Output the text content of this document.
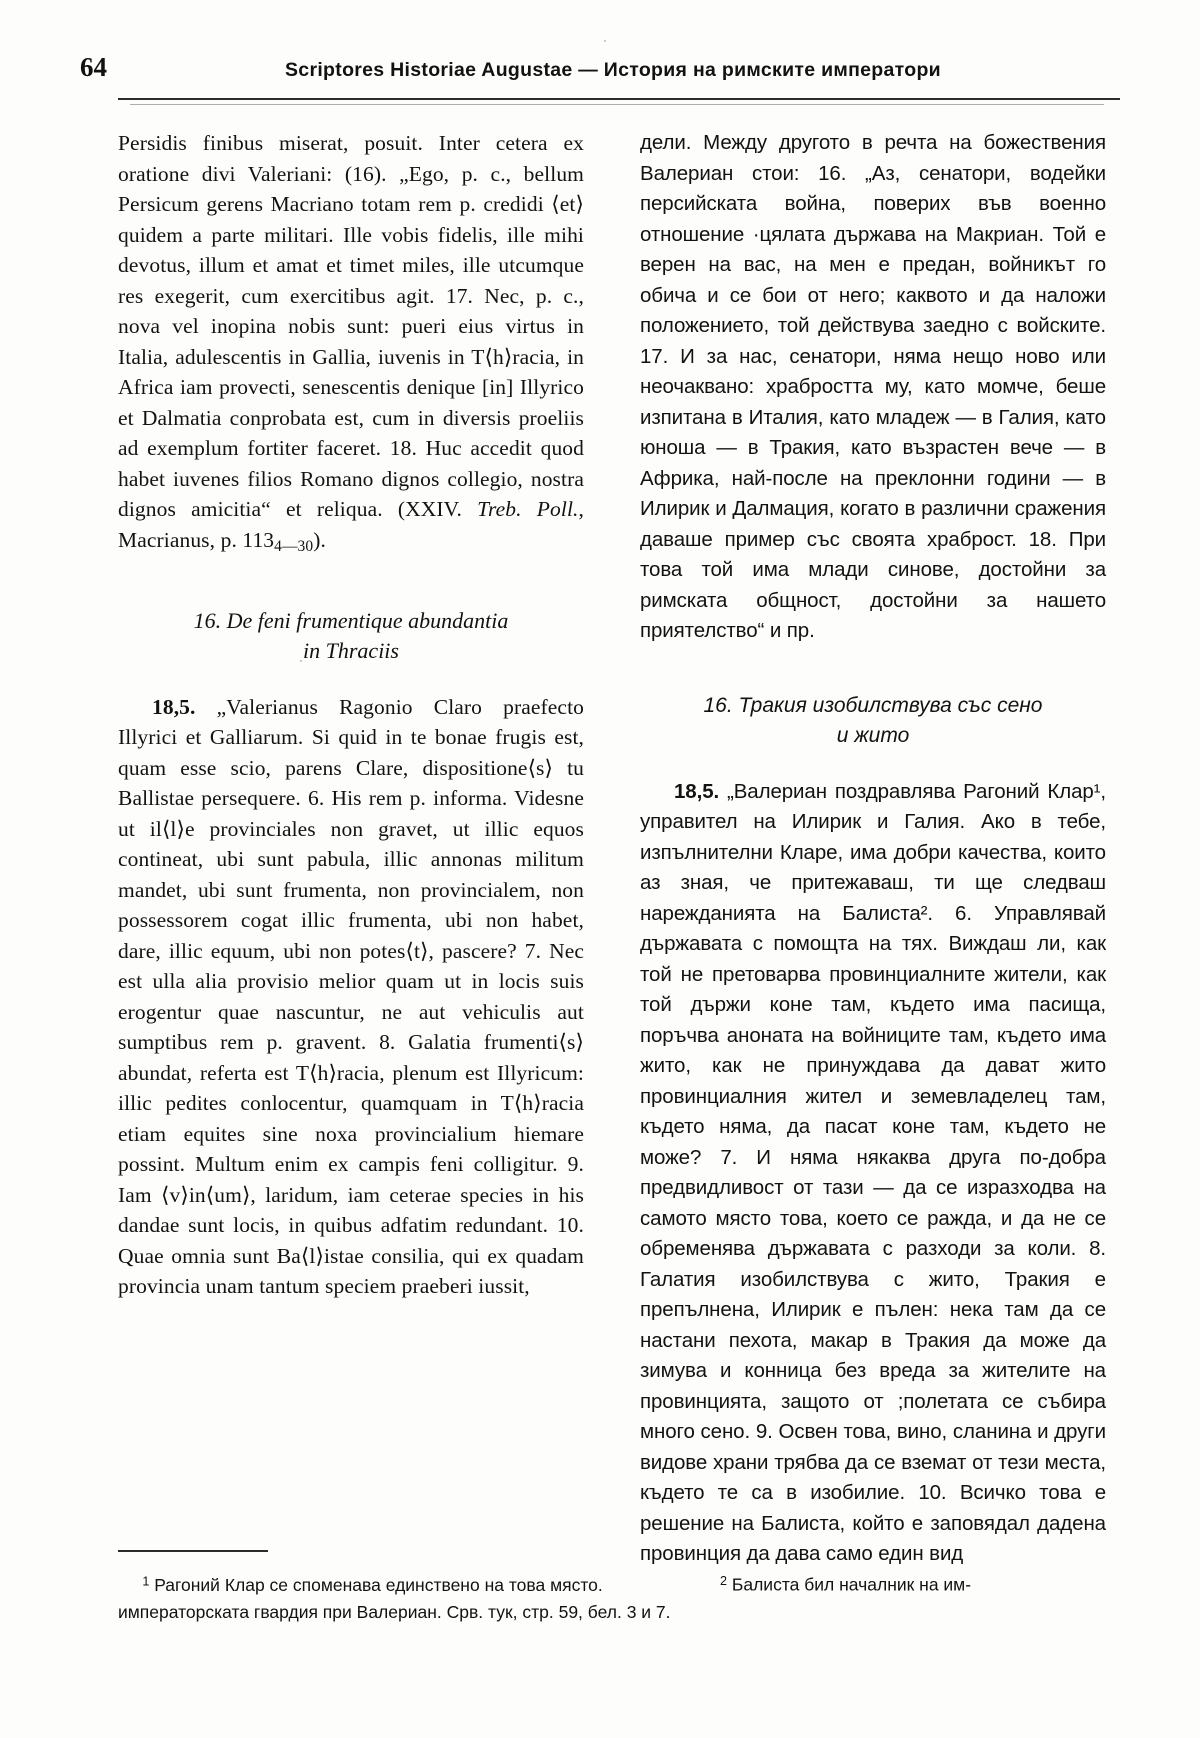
64	Scriptores Historiae Augustae — История на римските императори

Persidis finibus miserat, posuit. Inter cetera ex oratione divi Valeriani: (16). „Ego, p. c., bellum Persicum gerens Macriano totam rem p. credidi ⟨et⟩ quidem a parte militari. Ille vobis fidelis, ille mihi devotus, illum et amat et timet miles, ille utcumque res exegerit, cum exercitibus agit. 17. Nec, p. c., nova vel inopina nobis sunt: pueri eius virtus in Italia, adulescentis in Gallia, iuvenis in T⟨h⟩racia, in Africa iam provecti, senescentis denique [in] Illyrico et Dalmatia conprobata est, cum in diversis proeliis ad exemplum fortiter faceret. 18. Huc accedit quod habet iuvenes filios Romano dignos collegio, nostra dignos amicitia“ et reliqua. (XXIV. Treb. Poll., Macrianus, p. $113_{4—30}$).

16. De feni frumentique abundantia
in Thraciis

18,5. „Valerianus Ragonio Claro praefecto Illyrici et Galliarum. Si quid in te bonae frugis est, quam esse scio, parens Clare, dispositione⟨s⟩ tu Ballistae persequere. 6. His rem p. informa. Videsne ut il⟨l⟩e provinciales non gravet, ut illic equos contineat, ubi sunt pabula, illic annonas militum mandet, ubi sunt frumenta, non provincialem, non possessorem cogat illic frumenta, ubi non habet, dare, illic equum, ubi non potes⟨t⟩, pascere? 7. Nec est ulla alia provisio melior quam ut in locis suis erogentur quae nascuntur, ne aut vehiculis aut sumptibus rem p. gravent. 8. Galatia frumenti⟨s⟩ abundat, referta est T⟨h⟩racia, plenum est Illyricum: illic pedites conlocentur, quamquam in T⟨h⟩racia etiam equites sine noxa provincialium hiemare possint. Multum enim ex campis feni colligitur. 9. Iam ⟨v⟩in⟨um⟩, laridum, iam ceterae species in his dandae sunt locis, in quibus adfatim redundant. 10. Quae omnia sunt Ba⟨l⟩istae consilia, qui ex quadam provincia unam tantum speciem praeberi iussit,

дели. Между другото в речта на божествения Валериан стои: 16. „Аз, сенатори, водейки персийската война, поверих във военно отношение ·цялата държава на Макриан. Той е верен на вас, на мен е предан, войникът го обича и се бои от него; каквото и да наложи положението, той действува заедно с войските. 17. И за нас, сенатори, няма нещо ново или неочаквано: храбростта му, като момче, беше изпитана в Италия, като младеж — в Галия, като юноша — в Тракия, като възрастен вече — в Африка, най-после на преклонни години — в Илирик и Далмация, когато в различни сражения даваше пример със своята храброст. 18. При това той има млади синове, достойни за римската общност, достойни за нашето приятелство“ и пр.

16. Тракия изобилствува със сено
и жито

18,5. „Валериан поздравлява Рагоний Клар¹, управител на Илирик и Галия. Ако в тебе, изпълнителни Кларе, има добри качества, които аз зная, че притежаваш, ти ще следваш нарежданията на Балиста². 6. Управлявай държавата с помощта на тях. Виждаш ли, как той не претоварва провинциалните жители, как той държи коне там, където има пасища, поръчва аноната на войниците там, където има жито, как не принуждава да дават жито провинциалния жител и земевладелец там, където няма, да пасат коне там, където не може? 7. И няма някаква друга по-добра предвидливост от тази — да се изразходва на самото място това, което се ражда, и да не се обременява държавата с разходи за коли. 8. Галатия изобилствува с жито, Тракия е препълнена, Илирик е пълен: нека там да се настани пехота, макар в Тракия да може да зимува и конница без вреда за жителите на провинцията, защото от ;полетата се събира много сено. 9. Освен това, вино, сланина и други видове храни трябва да се вземат от тези места, където те са в изобилие. 10. Всичко това е решение на Балиста, който е заповядал дадена провинция да дава само един вид

$^2$ Балиста бил началник на им-
$^1$ Рагоний Клар се споменава единствено на това място.
императорската гвардия при Валериан. Срв. тук, стр. 59, бел. 3 и 7.
